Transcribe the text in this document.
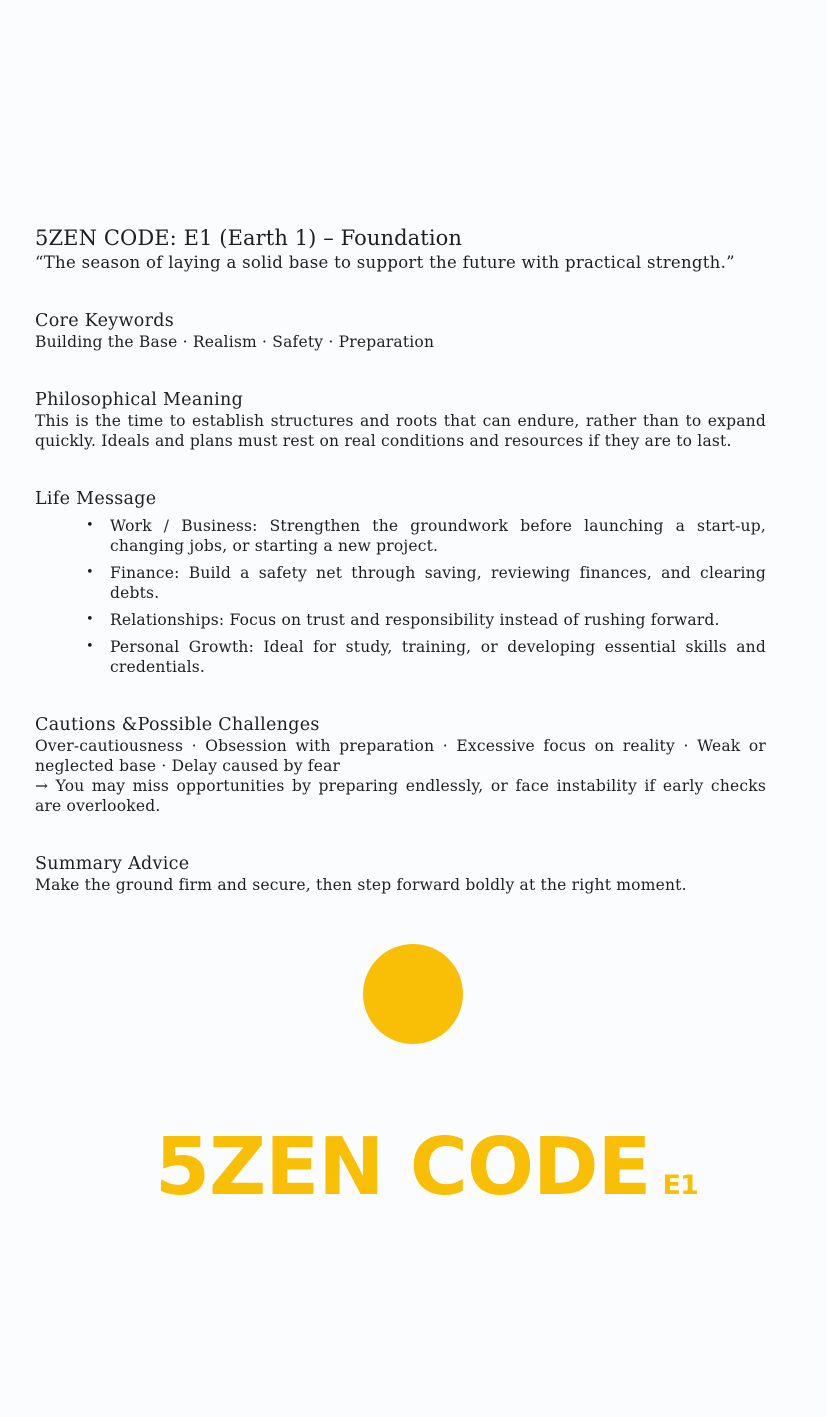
5ZEN CODE: E1 (Earth 1) – Foundation

“The season of laying a solid base to support the future with practical strength.”

Core Keywords

Building the Base · Realism · Safety · Preparation

Philosophical Meaning

This is the time to establish structures and roots that can endure, rather than to expand quickly. Ideals and plans must rest on real conditions and resources if they are to last.

Life Message
• Work / Business: Strengthen the groundwork before launching a start-up, changing jobs, or starting a new project.
• Finance: Build a safety net through saving, reviewing finances, and clearing debts.
• Relationships: Focus on trust and responsibility instead of rushing forward.
• Personal Growth: Ideal for study, training, or developing essential skills and credentials.
Cautions &Possible Challenges

Over-cautiousness · Obsession with preparation · Excessive focus on reality · Weak or neglected base · Delay caused by fear

→ You may miss opportunities by preparing endlessly, or face instability if early checks are overlooked.

Summary Advice

Make the ground firm and secure, then step forward boldly at the right moment.

5ZEN CODE E1
